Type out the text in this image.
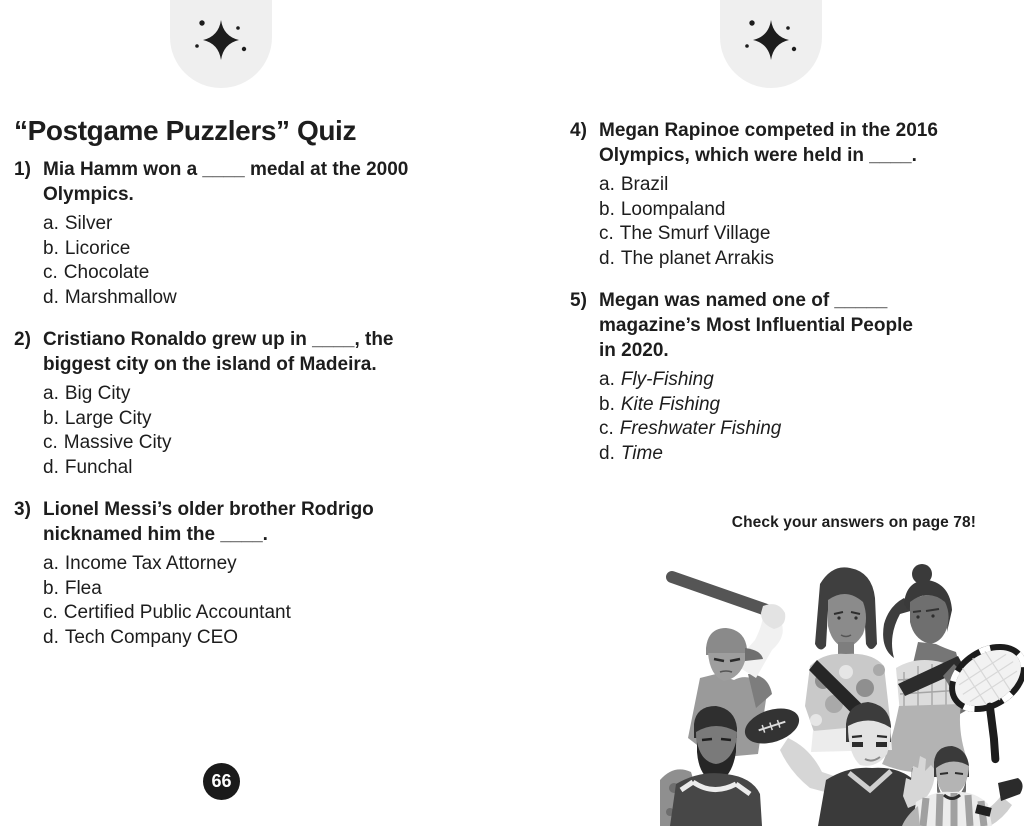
“Postgame Puzzlers” Quiz
1) Mia Hamm won a ____ medal at the 2000 Olympics.
a. Silver
b. Licorice
c. Chocolate
d. Marshmallow
2) Cristiano Ronaldo grew up in ____, the biggest city on the island of Madeira.
a. Big City
b. Large City
c. Massive City
d. Funchal
3) Lionel Messi’s older brother Rodrigo nicknamed him the ____.
a. Income Tax Attorney
b. Flea
c. Certified Public Accountant
d. Tech Company CEO
4) Megan Rapinoe competed in the 2016 Olympics, which were held in ____.
a. Brazil
b. Loompaland
c. The Smurf Village
d. The planet Arrakis
5) Megan was named one of _____ magazine’s Most Influential People in 2020.
a. Fly-Fishing
b. Kite Fishing
c. Freshwater Fishing
d. Time
Check your answers on page 78!
66
